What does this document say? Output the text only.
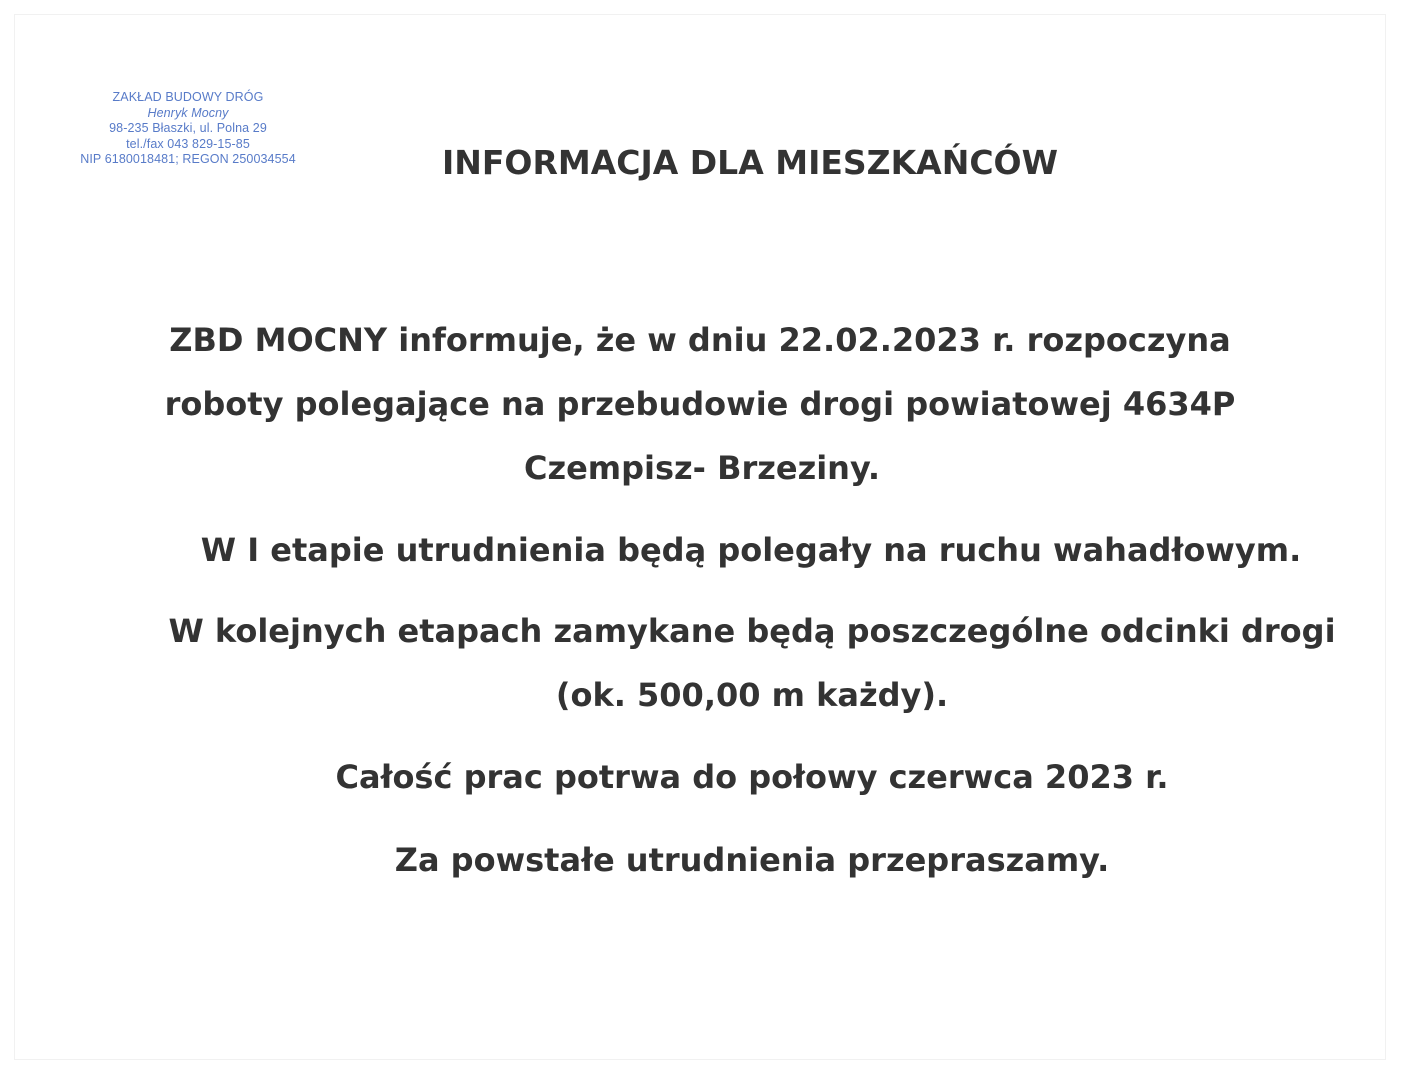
ZAKŁAD BUDOWY DRÓG
Henryk Mocny
98-235 Błaszki, ul. Polna 29
tel./fax 043 829-15-85
NIP 6180018481; REGON 250034554	INFORMACJA DLA MIESZKAŃCÓW
ZBD MOCNY informuje, że w dniu 22.02.2023 r. rozpoczyna
roboty polegające na przebudowie drogi powiatowej 4634P
Czempisz- Brzeziny.
W I etapie utrudnienia będą polegały na ruchu wahadłowym.
W kolejnych etapach zamykane będą poszczególne odcinki drogi
(ok. 500,00 m każdy).
Całość prac potrwa do połowy czerwca 2023 r.
Za powstałe utrudnienia przepraszamy.
